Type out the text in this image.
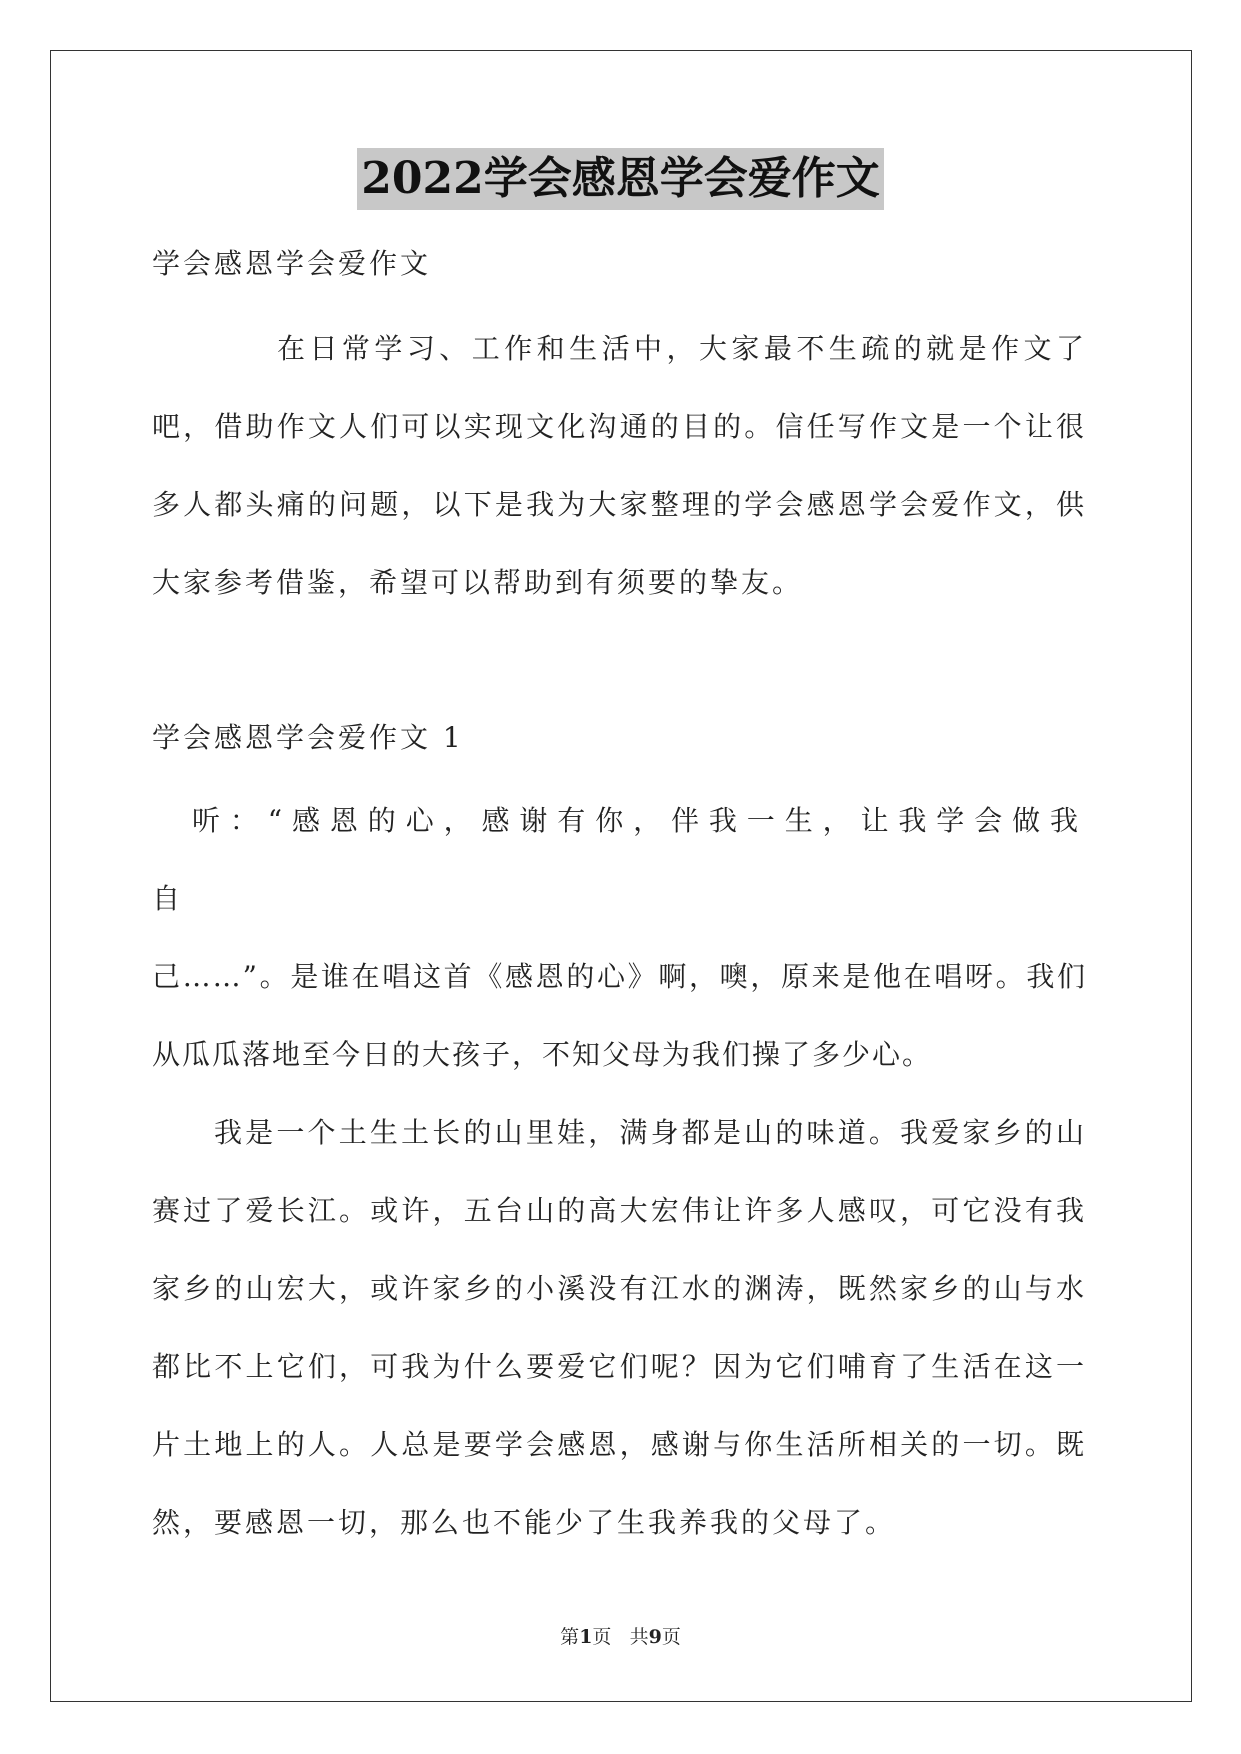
2022学会感恩学会爱作文

学会感恩学会爱作文

在日常学习、工作和生活中，大家最不生疏的就是作文了吧，借助作文人们可以实现文化沟通的目的。信任写作文是一个让很多人都头痛的问题，以下是我为大家整理的学会感恩学会爱作文，供大家参考借鉴，希望可以帮助到有须要的挚友。

学会感恩学会爱作文 1

听：“感恩的心，感谢有你，伴我一生，让我学会做我自

己……”。是谁在唱这首《感恩的心》啊，噢，原来是他在唱呀。我们从瓜瓜落地至今日的大孩子，不知父母为我们操了多少心。

我是一个土生土长的山里娃，满身都是山的味道。我爱家乡的山赛过了爱长江。或许，五台山的高大宏伟让许多人感叹，可它没有我家乡的山宏大，或许家乡的小溪没有江水的渊涛，既然家乡的山与水都比不上它们，可我为什么要爱它们呢？因为它们哺育了生活在这一片土地上的人。人总是要学会感恩，感谢与你生活所相关的一切。既然，要感恩一切，那么也不能少了生我养我的父母了。

第1页 共9页
